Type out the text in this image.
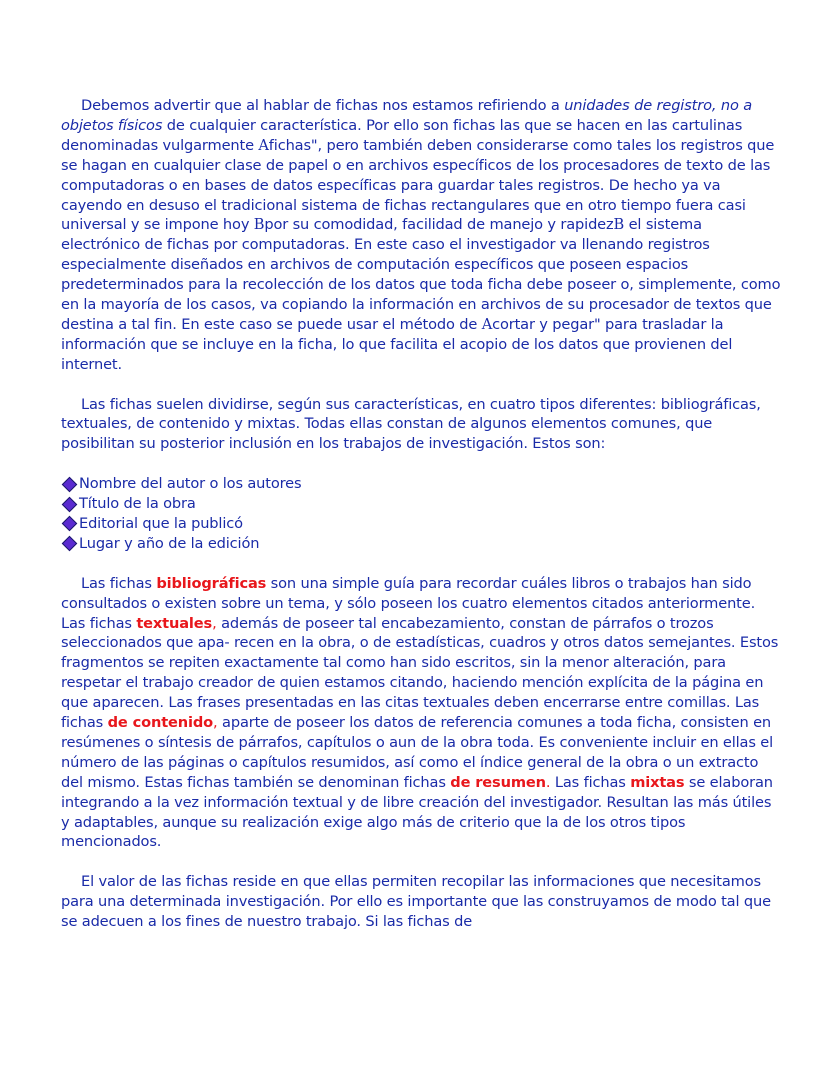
Debemos advertir que al hablar de fichas nos estamos refiriendo a unidades de registro, no a objetos físicos de cualquier característica. Por ello son fichas las que se hacen en las cartulinas denominadas vulgarmente Afichas", pero también deben considerarse como tales los registros que se hagan en cualquier clase de papel o en archivos específicos de los procesadores de texto de las computadoras o en bases de datos específicas para guardar tales registros. De hecho ya va cayendo en desuso el tradicional sistema de fichas rectangulares que en otro tiempo fuera casi universal y se impone hoy Bpor su comodidad, facilidad de manejo y rapidezB el sistema electrónico de fichas por computadoras. En este caso el investigador va llenando registros especialmente diseñados en archivos de computación específicos que poseen espacios predeterminados para la recolección de los datos que toda ficha debe poseer o, simplemente, como en la mayoría de los casos, va copiando la información en archivos de su procesador de textos que destina a tal fin. En este caso se puede usar el método de Acortar y pegar" para trasladar la información que se incluye en la ficha, lo que facilita el acopio de los datos que provienen del internet.

Las fichas suelen dividirse, según sus características, en cuatro tipos diferentes: bibliográficas, textuales, de contenido y mixtas. Todas ellas constan de algunos elementos comunes, que posibilitan su posterior inclusión en los trabajos de investigación. Estos son:

Nombre del autor o los autores
Título de la obra
Editorial que la publicó
Lugar y año de la edición

Las fichas bibliográficas son una simple guía para recordar cuáles libros o trabajos han sido consultados o existen sobre un tema, y sólo poseen los cuatro elementos citados anteriormente. Las fichas textuales, además de poseer tal encabezamiento, constan de párrafos o trozos seleccionados que apa- recen en la obra, o de estadísticas, cuadros y otros datos semejantes. Estos fragmentos se repiten exactamente tal como han sido escritos, sin la menor alteración, para respetar el trabajo creador de quien estamos citando, haciendo mención explícita de la página en que aparecen. Las frases presentadas en las citas textuales deben encerrarse entre comillas. Las fichas de contenido, aparte de poseer los datos de referencia comunes a toda ficha, consisten en resúmenes o síntesis de párrafos, capítulos o aun de la obra toda. Es conveniente incluir en ellas el número de las páginas o capítulos resumidos, así como el índice general de la obra o un extracto del mismo. Estas fichas también se denominan fichas de resumen. Las fichas mixtas se elaboran integrando a la vez información textual y de libre creación del investigador. Resultan las más útiles y adaptables, aunque su realización exige algo más de criterio que la de los otros tipos mencionados.

El valor de las fichas reside en que ellas permiten recopilar las informaciones que necesitamos para una determinada investigación. Por ello es importante que las construyamos de modo tal que se adecuen a los fines de nuestro trabajo. Si las fichas de
